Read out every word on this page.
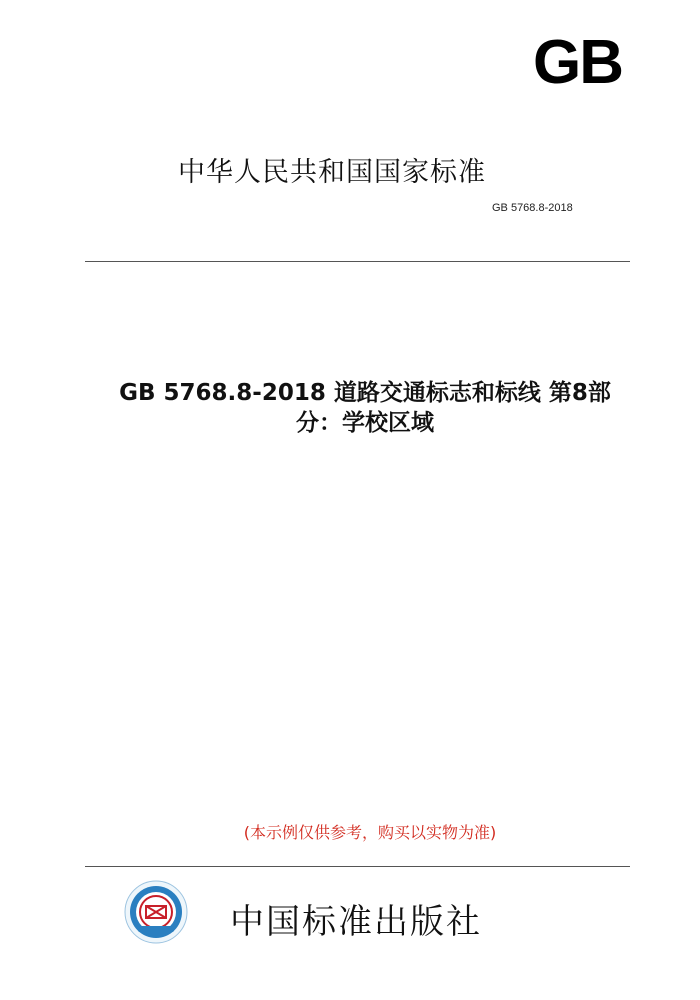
GB
中华人民共和国国家标准
GB 5768.8-2018
GB 5768.8-2018 道路交通标志和标线 第8部
分：学校区域
(本示例仅供参考，购买以实物为准)
中国标准出版社
